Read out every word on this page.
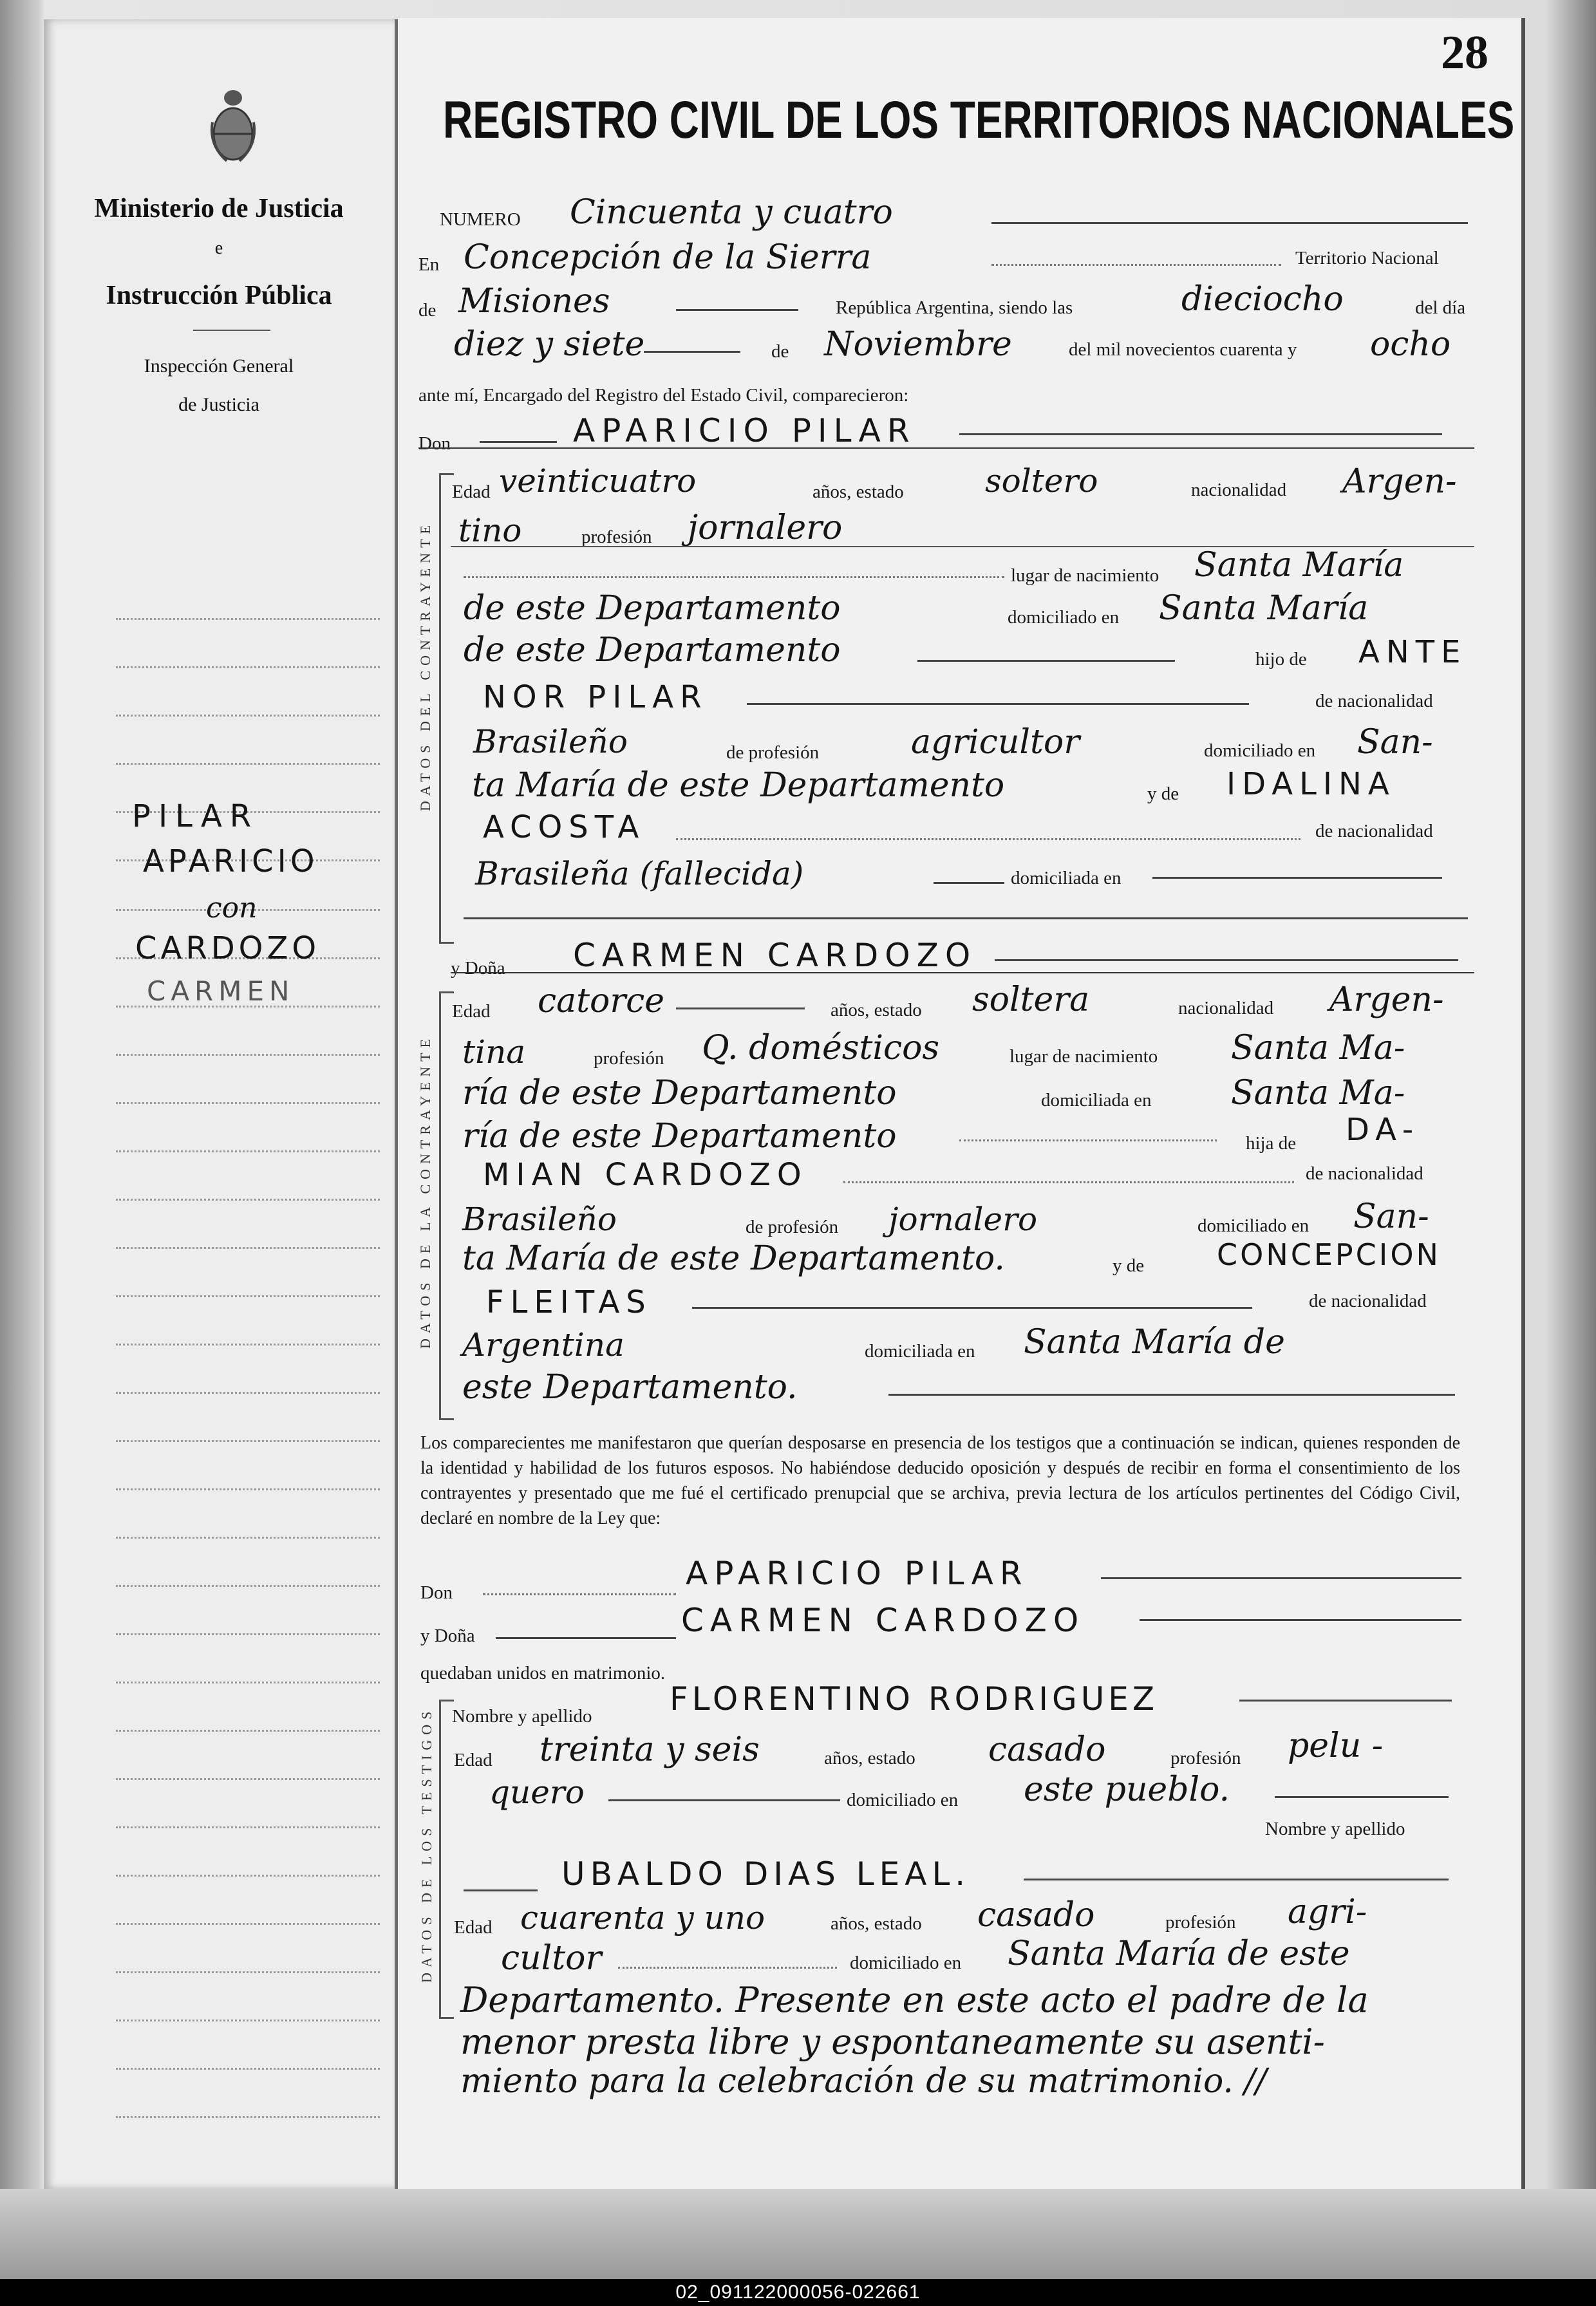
Ministerio de Justicia
e
Instrucción Pública
Inspección General
de Justicia
PILAR
APARICIO
con
CARDOZO
CARMEN
28
REGISTRO CIVIL DE LOS TERRITORIOS NACIONALES
NUMERO Cincuenta y cuatro
En Concepción de la Sierra	Territorio Nacional
de Misiones	República Argentina, siendo las	dieciocho	del día
diez y siete	de Noviembre	del mil novecientos cuarenta y ocho
ante mí, Encargado del Registro del Estado Civil, comparecieron:
Don	APARICIO PILAR
DATOS DEL CONTRAYENTE
Edad veinticuatro	años, estado	soltero	nacionalidad Argen-
tino	profesión jornalero
lugar de nacimiento Santa María
de este Departamento	domiciliado en Santa María
de este Departamento	hijo de ANTE
NOR PILAR	de nacionalidad
Brasileño	de profesión	agricultor	domiciliado en San-
ta María de este Departamento	y de IDALINA
ACOSTA	de nacionalidad
Brasileña (fallecida)	domiciliada en
y Doña CARMEN CARDOZO
DATOS DE LA CONTRAYENTE
Edad catorce	años, estado soltera	nacionalidad Argen-
tina	profesión Q. domésticos	lugar de nacimiento Santa Ma-
ría de este Departamento	domiciliada en Santa Ma-
ría de este Departamento	hija de DA-
MIAN CARDOZO	de nacionalidad
Brasileño	de profesión jornalero	domiciliado en San-
ta María de este Departamento.	y de CONCEPCION
FLEITAS	de nacionalidad
Argentina	domiciliada en Santa María de
este Departamento.
Los comparecientes me manifestaron que querían desposarse en presencia de los testigos que a continuación se indican, quienes responden de la identidad y habilidad de los futuros esposos. No habiéndose deducido oposición y después de recibir en forma el consentimiento de los contrayentes y presentado que me fué el certificado prenupcial que se archiva, previa lectura de los artículos pertinentes del Código Civil, declaré en nombre de la Ley que:
Don
APARICIO PILAR
y Doña	CARMEN CARDOZO
quedaban unidos en matrimonio.
DATOS DE LOS TESTIGOS Nombre y apellido FLORENTINO RODRIGUEZ
Edad treinta y seis	años, estado casado	profesión pelu -
quero	domiciliado en este pueblo.
Nombre y apellido
UBALDO DIAS LEAL.
Edad cuarenta y uno	años, estado casado	profesión agri-
cultor	domiciliado en Santa María de este
Departamento. Presente en este acto el padre de la
menor presta libre y espontaneamente su asenti-
miento para la celebración de su matrimonio. //
02_091122000056-022661
